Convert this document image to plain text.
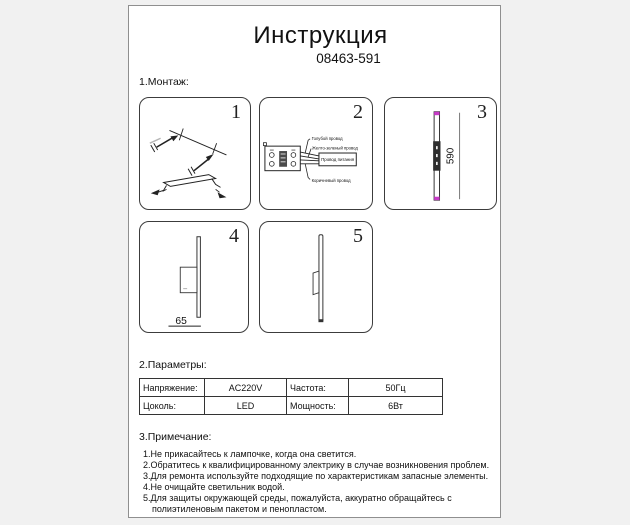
Инструкция
08463-591
1.Монтаж:
1
Голубой провод
Желто-зеленый провод
Провод питания
Коричневый провод
2
590
3
65
4	5
2.Параметры:
Напряжение:	AC220V	Частота:	50Гц
Цоколь:	LED	Мощность:	6Вт
3.Примечание:
1.Не прикасайтесь к лампочке, когда она светится.
2.Обратитесь к квалифицированному электрику в случае возникновения проблем.
3.Для ремонта используйте подходящие по характеристикам запасные элементы.
4.Не очищайте светильник водой.
5.Для защиты окружающей среды, пожалуйста, аккуратно обращайтесь с полиэтиленовым пакетом и пенопластом.
